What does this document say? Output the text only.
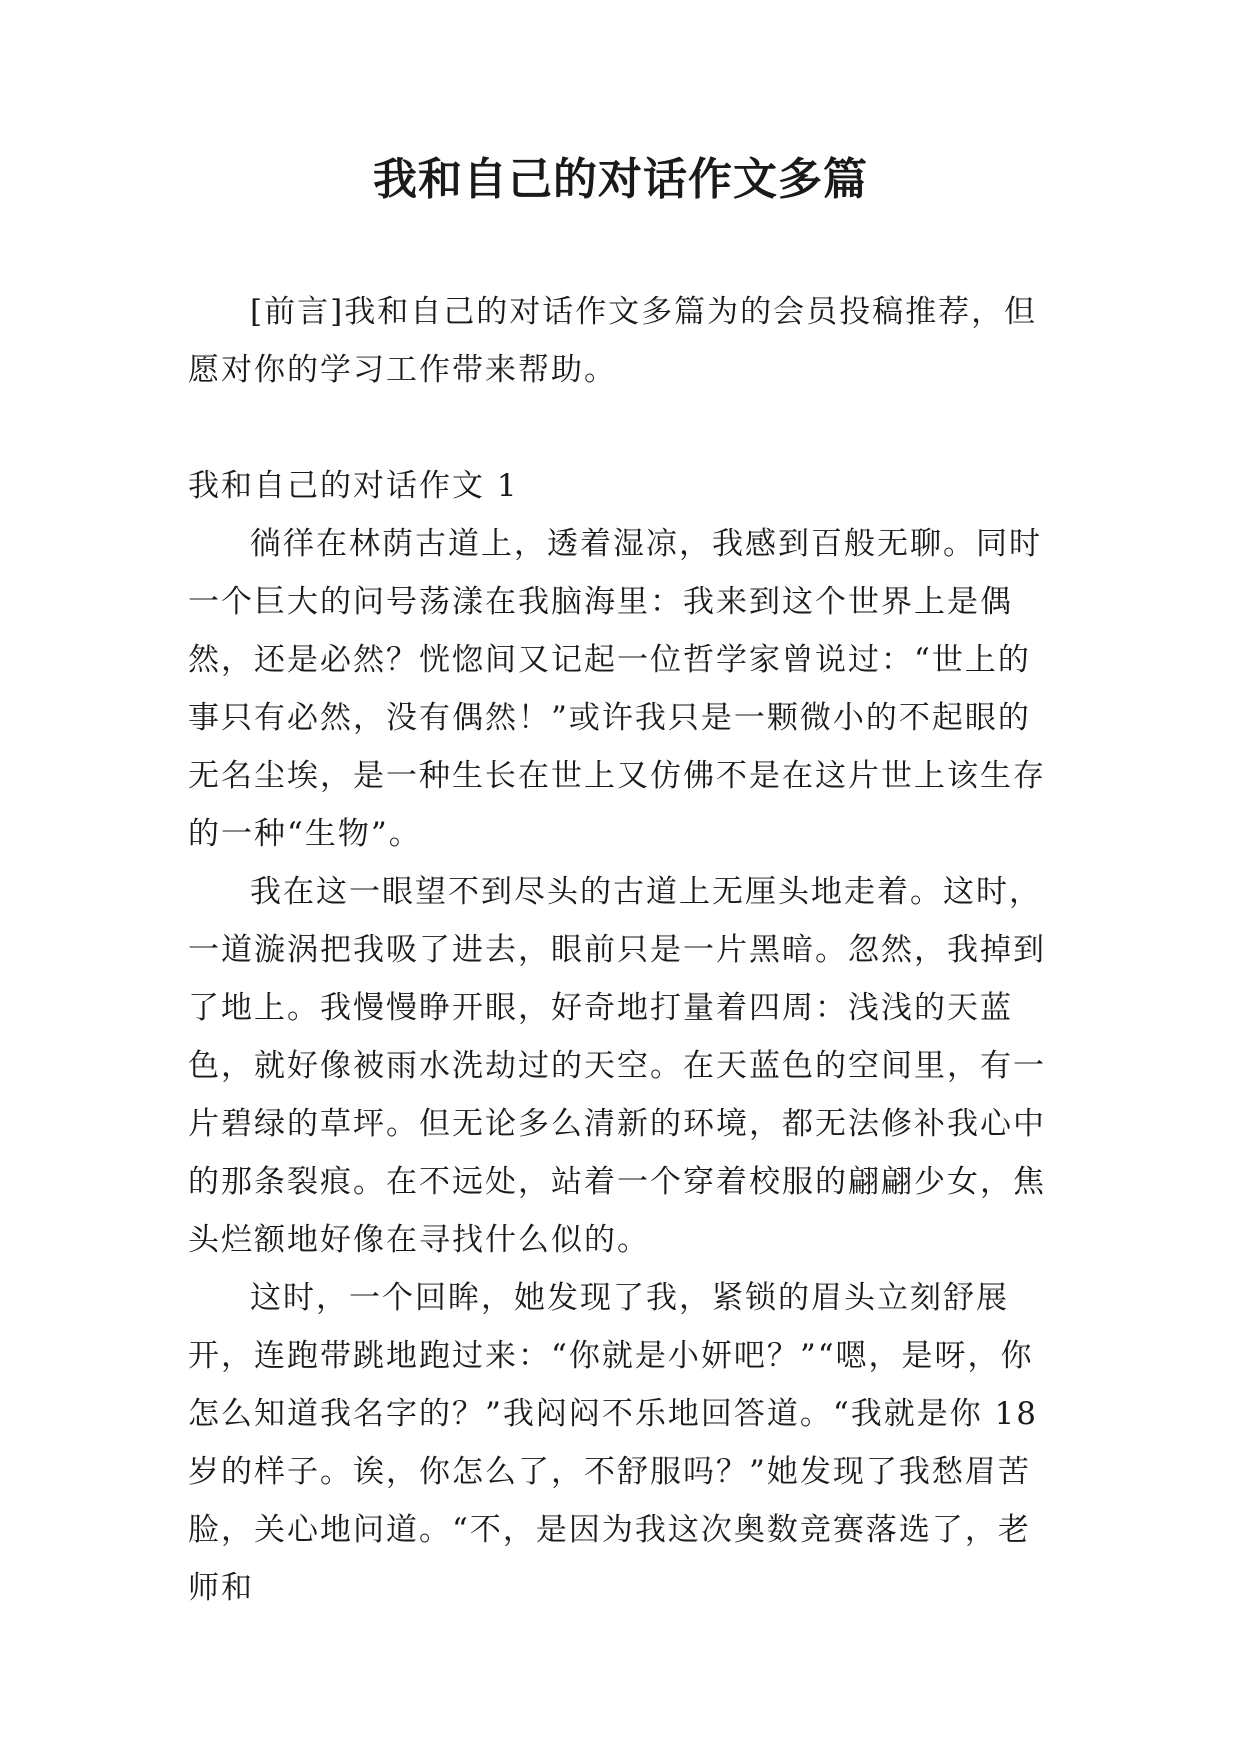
我和自己的对话作文多篇

[前言]我和自己的对话作文多篇为的会员投稿推荐，但愿对你的学习工作带来帮助。

我和自己的对话作文 1

徜徉在林荫古道上，透着湿凉，我感到百般无聊。同时一个巨大的问号荡漾在我脑海里：我来到这个世界上是偶然，还是必然？恍惚间又记起一位哲学家曾说过：“世上的事只有必然，没有偶然！”或许我只是一颗微小的不起眼的无名尘埃，是一种生长在世上又仿佛不是在这片世上该生存的一种“生物”。

我在这一眼望不到尽头的古道上无厘头地走着。这时，一道漩涡把我吸了进去，眼前只是一片黑暗。忽然，我掉到了地上。我慢慢睁开眼，好奇地打量着四周：浅浅的天蓝色，就好像被雨水洗劫过的天空。在天蓝色的空间里，有一片碧绿的草坪。但无论多么清新的环境，都无法修补我心中的那条裂痕。在不远处，站着一个穿着校服的翩翩少女，焦头烂额地好像在寻找什么似的。

这时，一个回眸，她发现了我，紧锁的眉头立刻舒展开，连跑带跳地跑过来：“你就是小妍吧？”“嗯，是呀，你怎么知道我名字的？”我闷闷不乐地回答道。“我就是你 18 岁的样子。诶，你怎么了，不舒服吗？”她发现了我愁眉苦脸，关心地问道。“不，是因为我这次奥数竞赛落选了，老师和
